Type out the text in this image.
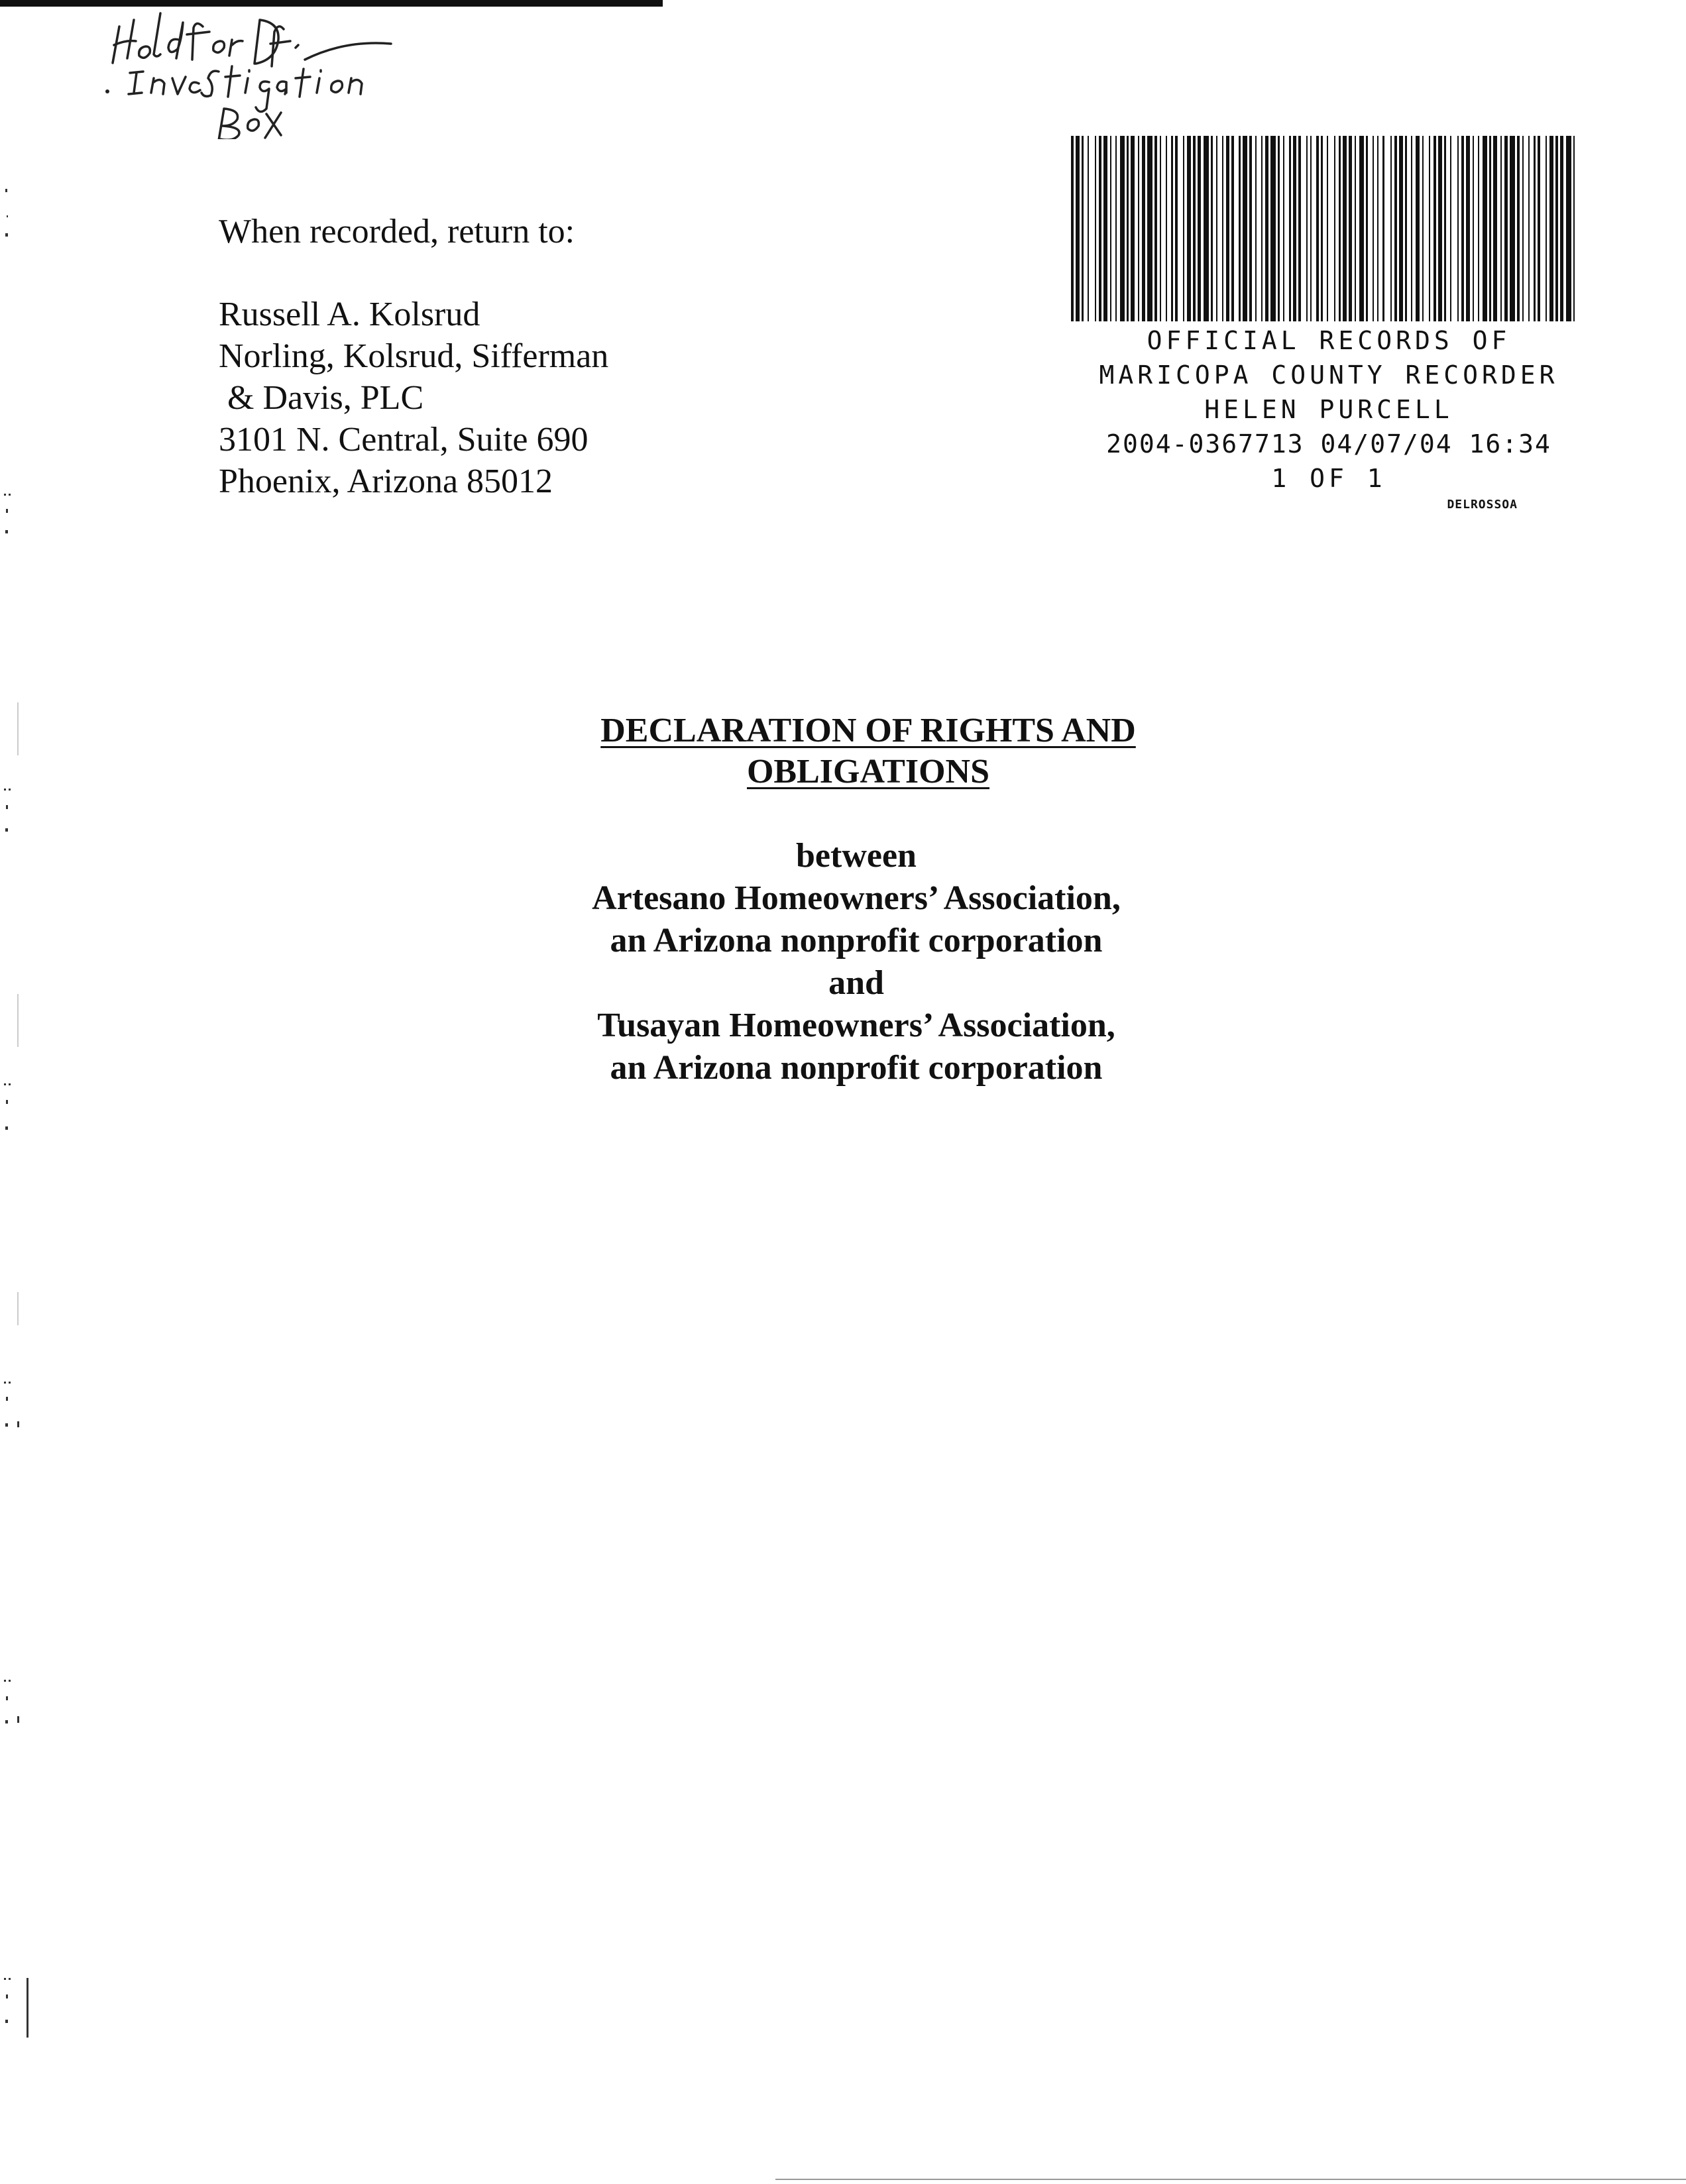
When recorded, return to:
Russell A. Kolsrud
Norling, Kolsrud, Sifferman
& Davis, PLC
3101 N. Central, Suite 690
Phoenix, Arizona 85012
OFFICIAL RECORDS OF
MARICOPA COUNTY RECORDER
HELEN PURCELL
2004-0367713 04/07/04 16:34
1 OF 1
DELROSSOA
DECLARATION OF RIGHTS AND
OBLIGATIONS
between
Artesano Homeowners’ Association,
an Arizona nonprofit corporation
and
Tusayan Homeowners’ Association,
an Arizona nonprofit corporation
